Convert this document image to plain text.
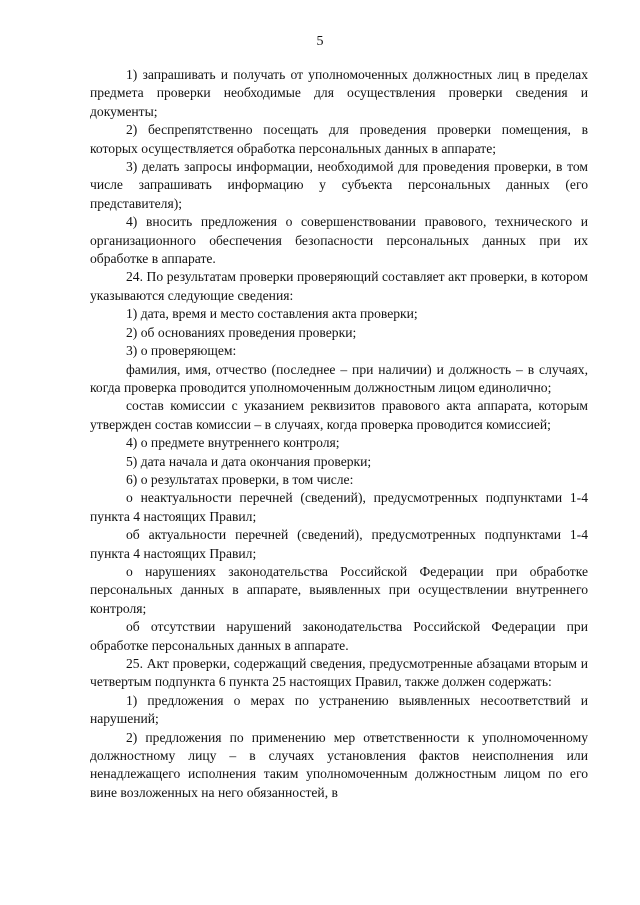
5

1) запрашивать и получать от уполномоченных должностных лиц в пределах предмета проверки необходимые для осуществления проверки сведения и документы;

2) беспрепятственно посещать для проведения проверки помещения, в которых осуществляется обработка персональных данных в аппарате;

3) делать запросы информации, необходимой для проведения проверки, в том числе запрашивать информацию у субъекта персональных данных (его представителя);

4) вносить предложения о совершенствовании правового, технического и организационного обеспечения безопасности персональных данных при их обработке в аппарате.

24. По результатам проверки проверяющий составляет акт проверки, в котором указываются следующие сведения:

1) дата, время и место составления акта проверки;

2) об основаниях проведения проверки;

3) о проверяющем:

фамилия, имя, отчество (последнее – при наличии) и должность – в случаях, когда проверка проводится уполномоченным должностным лицом единолично;

состав комиссии с указанием реквизитов правового акта аппарата, которым утвержден состав комиссии – в случаях, когда проверка проводится комиссией;

4) о предмете внутреннего контроля;

5) дата начала и дата окончания проверки;

6) о результатах проверки, в том числе:

о неактуальности перечней (сведений), предусмотренных подпунктами 1-4 пункта 4 настоящих Правил;

об актуальности перечней (сведений), предусмотренных подпунктами 1-4 пункта 4 настоящих Правил;

о нарушениях законодательства Российской Федерации при обработке персональных данных в аппарате, выявленных при осуществлении внутреннего контроля;

об отсутствии нарушений законодательства Российской Федерации при обработке персональных данных в аппарате.

25. Акт проверки, содержащий сведения, предусмотренные абзацами вторым и четвертым подпункта 6 пункта 25 настоящих Правил, также должен содержать:

1) предложения о мерах по устранению выявленных несоответствий и нарушений;

2) предложения по применению мер ответственности к уполномоченному должностному лицу – в случаях установления фактов неисполнения или ненадлежащего исполнения таким уполномоченным должностным лицом по его вине возложенных на него обязанностей, в
